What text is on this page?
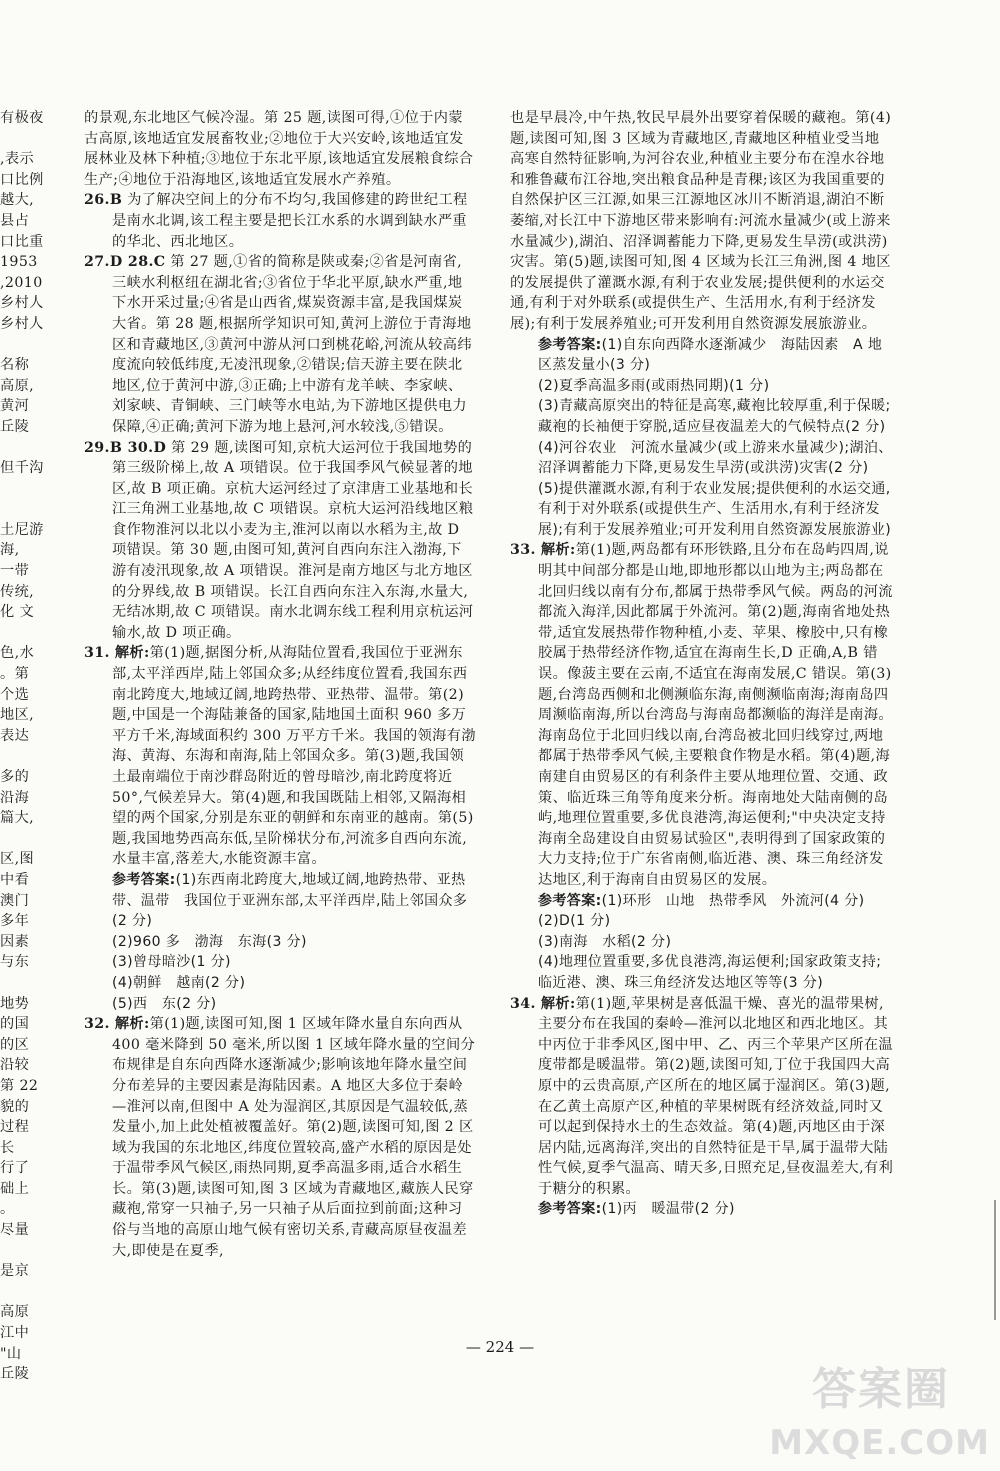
有极夜

,表示
口比例
越大,
县占
口比重
1953
,2010
乡村人
乡村人

名称
高原,
黄河
丘陵

但千沟

土尼游
海,
一带
传统,
化 文

色,水
。第
个选
地区,
表达

多的
沿海
篇大,

区,图
中看
澳门
多年
因素
与东

地势
的国
的区
沿较
第 22
貌的
过程
长
行了
础上
。
尽量

是京

高原
江中
"山
丘陵

的景观,东北地区气候冷湿。第 25 题,读图可得,①位于内蒙古高原,该地适宜发展畜牧业;②地位于大兴安岭,该地适宜发展林业及林下种植;③地位于东北平原,该地适宜发展粮食综合生产;④地位于沿海地区,该地适宜发展水产养殖。

26.B 为了解决空间上的分布不均匀,我国修建的跨世纪工程是南水北调,该工程主要是把长江水系的水调到缺水严重的华北、西北地区。

27.D 28.C 第 27 题,①省的简称是陕或秦;②省是河南省,三峡水利枢纽在湖北省;③省位于华北平原,缺水严重,地下水开采过量;④省是山西省,煤炭资源丰富,是我国煤炭大省。第 28 题,根据所学知识可知,黄河上游位于青海地区和青藏地区,③黄河中游从河口到桃花峪,河流从较高纬度流向较低纬度,无凌汛现象,②错误;信天游主要在陕北地区,位于黄河中游,③正确;上中游有龙羊峡、李家峡、刘家峡、青铜峡、三门峡等水电站,为下游地区提供电力保障,④正确;黄河下游为地上悬河,河水较浅,⑤错误。

29.B 30.D 第 29 题,读图可知,京杭大运河位于我国地势的第三级阶梯上,故 A 项错误。位于我国季风气候显著的地区,故 B 项正确。京杭大运河经过了京津唐工业基地和长江三角洲工业基地,故 C 项错误。京杭大运河沿线地区粮食作物淮河以北以小麦为主,淮河以南以水稻为主,故 D 项错误。第 30 题,由图可知,黄河自西向东注入渤海,下游有凌汛现象,故 A 项错误。淮河是南方地区与北方地区的分界线,故 B 项错误。长江自西向东注入东海,水量大,无结冰期,故 C 项错误。南水北调东线工程利用京杭运河输水,故 D 项正确。

31. 解析:第(1)题,据图分析,从海陆位置看,我国位于亚洲东部,太平洋西岸,陆上邻国众多;从经纬度位置看,我国东西南北跨度大,地域辽阔,地跨热带、亚热带、温带。第(2)题,中国是一个海陆兼备的国家,陆地国土面积 960 多万平方千米,海域面积约 300 万平方千米。我国的领海有渤海、黄海、东海和南海,陆上邻国众多。第(3)题,我国领土最南端位于南沙群岛附近的曾母暗沙,南北跨度将近 50°,气候差异大。第(4)题,和我国既陆上相邻,又隔海相望的两个国家,分别是东亚的朝鲜和东南亚的越南。第(5)题,我国地势西高东低,呈阶梯状分布,河流多自西向东流,水量丰富,落差大,水能资源丰富。

参考答案:(1)东西南北跨度大,地域辽阔,地跨热带、亚热带、温带　我国位于亚洲东部,太平洋西岸,陆上邻国众多(2 分)
(2)960 多　渤海　东海(3 分)
(3)曾母暗沙(1 分)
(4)朝鲜　越南(2 分)
(5)西　东(2 分)

32. 解析:第(1)题,读图可知,图 1 区域年降水量自东向西从 400 毫米降到 50 毫米,所以图 1 区域年降水量的空间分布规律是自东向西降水逐渐减少;影响该地年降水量空间分布差异的主要因素是海陆因素。A 地区大多位于秦岭—淮河以南,但图中 A 处为湿润区,其原因是气温较低,蒸发量小,加上此处植被覆盖好。第(2)题,读图可知,图 2 区域为我国的东北地区,纬度位置较高,盛产水稻的原因是处于温带季风气候区,雨热同期,夏季高温多雨,适合水稻生长。第(3)题,读图可知,图 3 区域为青藏地区,藏族人民穿藏袍,常穿一只袖子,另一只袖子从后面拉到前面;这种习俗与当地的高原山地气候有密切关系,青藏高原昼夜温差大,即使是在夏季,

也是早晨冷,中午热,牧民早晨外出要穿着保暖的藏袍。第(4)题,读图可知,图 3 区域为青藏地区,青藏地区种植业受当地高寒自然特征影响,为河谷农业,种植业主要分布在湟水谷地和雅鲁藏布江谷地,突出粮食品种是青稞;该区为我国重要的自然保护区三江源,如果三江源地区冰川不断消退,湖泊不断萎缩,对长江中下游地区带来影响有:河流水量减少(或上游来水量减少),湖泊、沼泽调蓄能力下降,更易发生旱涝(或洪涝)灾害。第(5)题,读图可知,图 4 区域为长江三角洲,图 4 地区的发展提供了灌溉水源,有利于农业发展;提供便利的水运交通,有利于对外联系(或提供生产、生活用水,有利于经济发展);有利于发展养殖业;可开发利用自然资源发展旅游业。

参考答案:(1)自东向西降水逐渐减少　海陆因素　A 地区蒸发量小(3 分)
(2)夏季高温多雨(或雨热同期)(1 分)
(3)青藏高原突出的特征是高寒,藏袍比较厚重,利于保暖;藏袍的长袖便于穿脱,适应昼夜温差大的气候特点(2 分)
(4)河谷农业　河流水量减少(或上游来水量减少);湖泊、沼泽调蓄能力下降,更易发生旱涝(或洪涝)灾害(2 分)
(5)提供灌溉水源,有利于农业发展;提供便利的水运交通,有利于对外联系(或提供生产、生活用水,有利于经济发展);有利于发展养殖业;可开发利用自然资源发展旅游业)

33. 解析:第(1)题,两岛都有环形铁路,且分布在岛屿四周,说明其中间部分都是山地,即地形都以山地为主;两岛都在北回归线以南有分布,都属于热带季风气候。两岛的河流都流入海洋,因此都属于外流河。第(2)题,海南省地处热带,适宜发展热带作物种植,小麦、苹果、橡胶中,只有橡胶属于热带经济作物,适宜在海南生长,D 正确,A,B 错误。像菠主要在云南,不适宜在海南发展,C 错误。第(3)题,台湾岛西侧和北侧濒临东海,南侧濒临南海;海南岛四周濒临南海,所以台湾岛与海南岛都濒临的海洋是南海。海南岛位于北回归线以南,台湾岛被北回归线穿过,两地都属于热带季风气候,主要粮食作物是水稻。第(4)题,海南建自由贸易区的有利条件主要从地理位置、交通、政策、临近珠三角等角度来分析。海南地处大陆南侧的岛屿,地理位置重要,多优良港湾,海运便利;"中央决定支持海南全岛建设自由贸易试验区",表明得到了国家政策的大力支持;位于广东省南侧,临近港、澳、珠三角经济发达地区,利于海南自由贸易区的发展。

参考答案:(1)环形　山地　热带季风　外流河(4 分)
(2)D(1 分)
(3)南海　水稻(2 分)
(4)地理位置重要,多优良港湾,海运便利;国家政策支持;临近港、澳、珠三角经济发达地区等等(3 分)

34. 解析:第(1)题,苹果树是喜低温干燥、喜光的温带果树,主要分布在我国的秦岭—淮河以北地区和西北地区。其中丙位于非季风区,图中甲、乙、丙三个苹果产区所在温度带都是暖温带。第(2)题,读图可知,丁位于我国四大高原中的云贵高原,产区所在的地区属于湿润区。第(3)题,在乙黄土高原产区,种植的苹果树既有经济效益,同时又可以起到保持水土的生态效益。第(4)题,丙地区由于深居内陆,远离海洋,突出的自然特征是干旱,属于温带大陆性气候,夏季气温高、晴天多,日照充足,昼夜温差大,有利于糖分的积累。

参考答案:(1)丙　暖温带(2 分)
— 224 —
答案圈
MXQE.COM
